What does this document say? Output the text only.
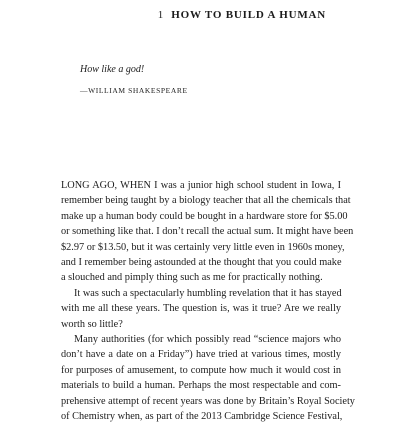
1 HOW TO BUILD A HUMAN
How like a god!
—WILLIAM SHAKESPEARE
LONG AGO, WHEN I was a junior high school student in Iowa, I
remember being taught by a biology teacher that all the chemicals that
make up a human body could be bought in a hardware store for $5.00
or something like that. I don’t recall the actual sum. It might have been
$2.97 or $13.50, but it was certainly very little even in 1960s money,
and I remember being astounded at the thought that you could make
a slouched and pimply thing such as me for practically nothing.
It was such a spectacularly humbling revelation that it has stayed
with me all these years. The question is, was it true? Are we really
worth so little?
Many authorities (for which possibly read “science majors who
don’t have a date on a Friday”) have tried at various times, mostly
for purposes of amusement, to compute how much it would cost in
materials to build a human. Perhaps the most respectable and com-
prehensive attempt of recent years was done by Britain’s Royal Society
of Chemistry when, as part of the 2013 Cambridge Science Festival,
